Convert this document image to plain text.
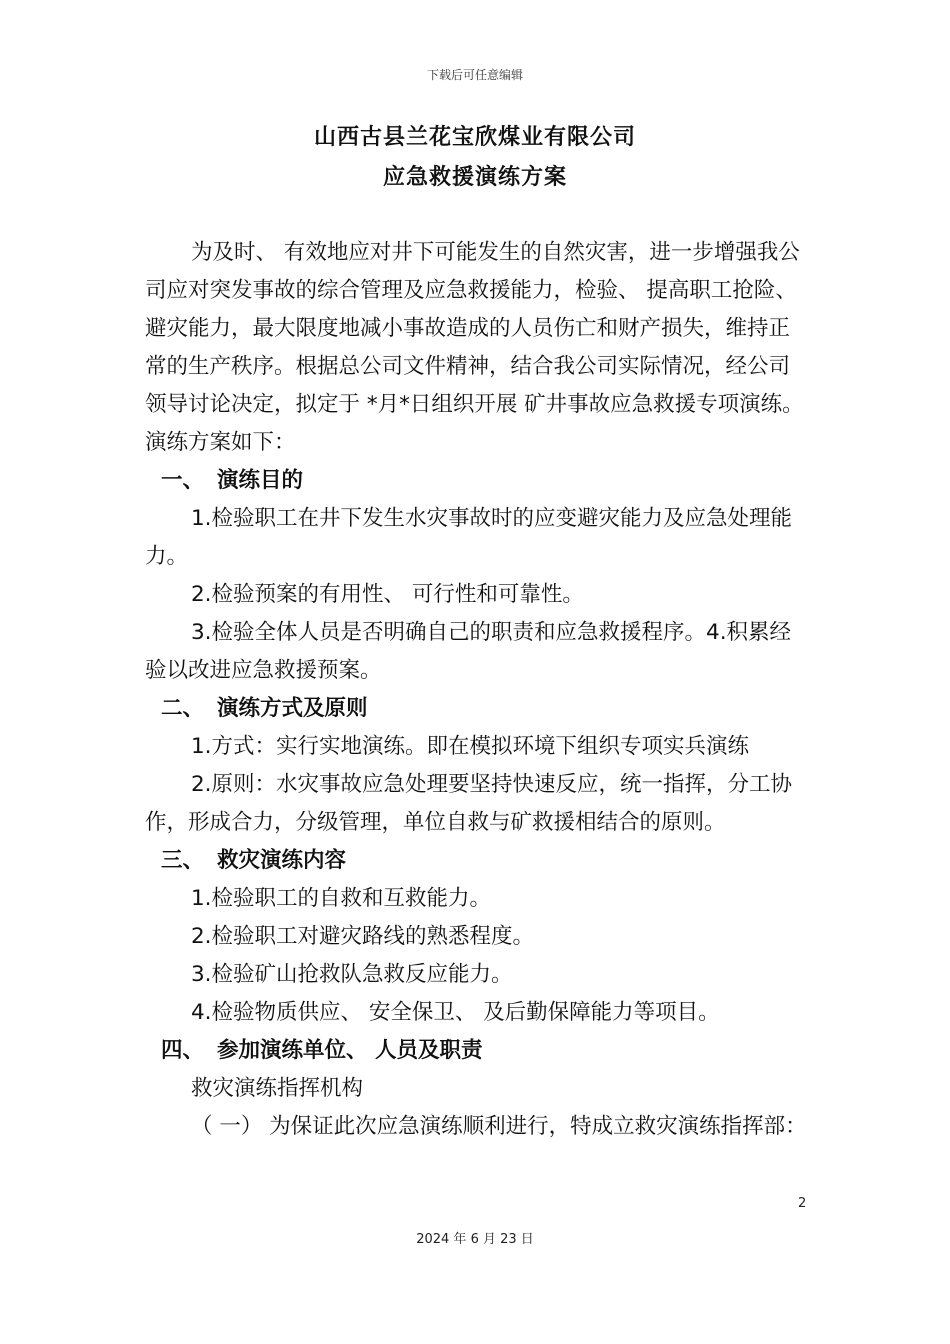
下载后可任意编辑
山西古县兰花宝欣煤业有限公司
应急救援演练方案

为及时、 有效地应对井下可能发生的自然灾害，进一步增强我公司应对突发事故的综合管理及应急救援能力，检验、 提高职工抢险、 避灾能力，最大限度地减小事故造成的人员伤亡和财产损失，维持正常的生产秩序。根据总公司文件精神，结合我公司实际情况，经公司领导讨论决定，拟定于 *月*日组织开展 矿井事故应急救援专项演练。演练方案如下：

一、 演练目的

1.检验职工在井下发生水灾事故时的应变避灾能力及应急处理能力。

2.检验预案的有用性、 可行性和可靠性。

3.检验全体人员是否明确自己的职责和应急救援程序。4.积累经验以改进应急救援预案。

二、 演练方式及原则

1.方式：实行实地演练。即在模拟环境下组织专项实兵演练

2.原则：水灾事故应急处理要坚持快速反应，统一指挥，分工协作，形成合力，分级管理，单位自救与矿救援相结合的原则。

三、 救灾演练内容

1.检验职工的自救和互救能力。

2.检验职工对避灾路线的熟悉程度。

3.检验矿山抢救队急救反应能力。

4.检验物质供应、 安全保卫、 及后勤保障能力等项目。

四、 参加演练单位、 人员及职责

救灾演练指挥机构

（ 一） 为保证此次应急演练顺利进行，特成立救灾演练指挥部：

2
2024 年 6 月 23 日
